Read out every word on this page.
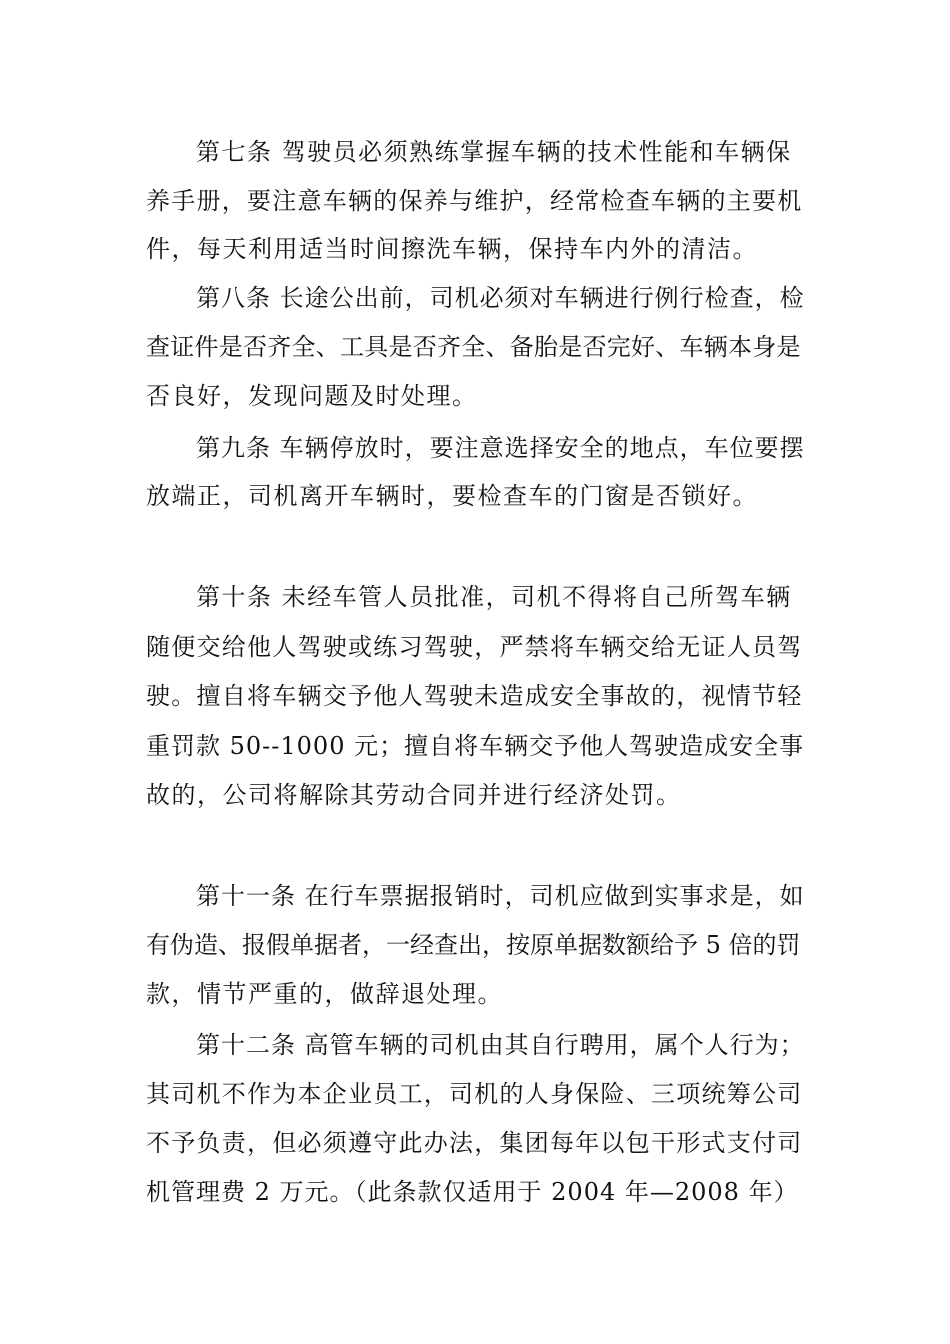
第七条 驾驶员必须熟练掌握车辆的技术性能和车辆保
养手册，要注意车辆的保养与维护，经常检查车辆的主要机
件，每天利用适当时间擦洗车辆，保持车内外的清洁。
第八条 长途公出前，司机必须对车辆进行例行检查，检
查证件是否齐全、工具是否齐全、备胎是否完好、车辆本身是
否良好，发现问题及时处理。
第九条 车辆停放时，要注意选择安全的地点，车位要摆
放端正，司机离开车辆时，要检查车的门窗是否锁好。
第十条 未经车管人员批准，司机不得将自己所驾车辆
随便交给他人驾驶或练习驾驶，严禁将车辆交给无证人员驾
驶。擅自将车辆交予他人驾驶未造成安全事故的，视情节轻
重罚款 50--1000 元；擅自将车辆交予他人驾驶造成安全事
故的，公司将解除其劳动合同并进行经济处罚。
第十一条 在行车票据报销时，司机应做到实事求是，如
有伪造、报假单据者，一经查出，按原单据数额给予 5 倍的罚
款，情节严重的，做辞退处理。
第十二条 高管车辆的司机由其自行聘用，属个人行为；
其司机不作为本企业员工，司机的人身保险、三项统筹公司
不予负责，但必须遵守此办法，集团每年以包干形式支付司
机管理费 2 万元。（此条款仅适用于 2004 年—2008 年）
